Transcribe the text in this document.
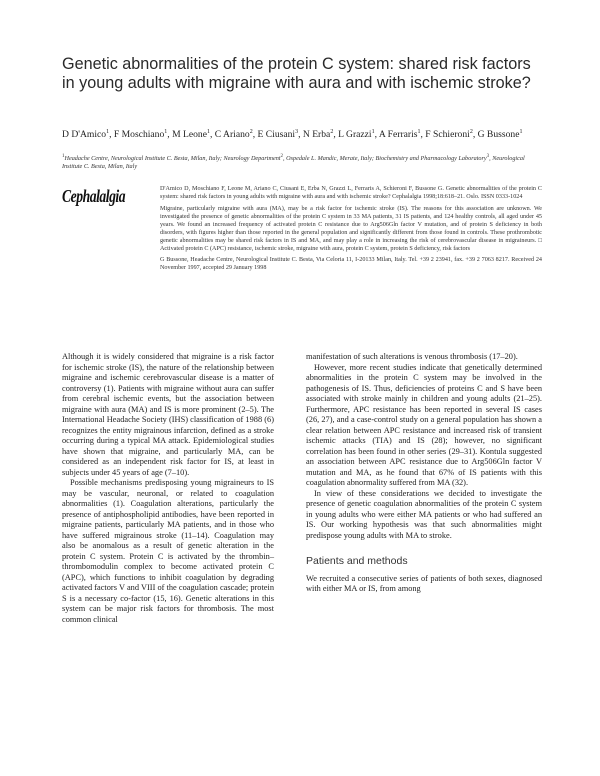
Genetic abnormalities of the protein C system: shared risk factors in young adults with migraine with aura and with ischemic stroke?
D D'Amico$^1$, F Moschiano$^1$, M Leone$^1$, C Ariano$^2$, E Ciusani$^3$, N Erba$^2$, L Grazzi$^1$, A Ferraris$^1$, F Schieroni$^2$, G Bussone$^1$
$^1$Headache Centre, Neurological Institute C. Besta, Milan, Italy; Neurology Department$^2$, Ospedale L. Mandic, Merate, Italy; Biochemistry and Pharmacology Laboratory$^3$, Neurological Institute C. Besta, Milan, Italy
Cephalalgia	D'Amico D, Moschiano F, Leone M, Ariano C, Ciusani E, Erba N, Grazzi L, Ferraris A, Schieroni F, Bussone G. Genetic abnormalities of the protein C system: shared risk factors in young adults with migraine with aura and with ischemic stroke? Cephalalgia 1998;18:618–21. Oslo. ISSN 0333-1024

Migraine, particularly migraine with aura (MA), may be a risk factor for ischemic stroke (IS). The reasons for this association are unknown. We investigated the presence of genetic abnormalities of the protein C system in 33 MA patients, 31 IS patients, and 124 healthy controls, all aged under 45 years. We found an increased frequency of activated protein C resistance due to Arg506Gln factor V mutation, and of protein S deficiency in both disorders, with figures higher than those reported in the general population and significantly different from those found in controls. These prothrombotic genetic abnormalities may be shared risk factors in IS and MA, and may play a role in increasing the risk of cerebrovascular disease in migraineurs. □ Activated protein C (APC) resistance, ischemic stroke, migraine with aura, protein C system, protein S deficiency, risk factors

G Bussone, Headache Centre, Neurological Institute C. Besta, Via Celoria 11, I-20133 Milan, Italy. Tel. +39 2 23941, fax. +39 2 7063 8217. Received 24 November 1997, accepted 29 January 1998

Although it is widely considered that migraine is a risk factor for ischemic stroke (IS), the nature of the relationship between migraine and ischemic cerebrovascular disease is a matter of controversy (1). Patients with migraine without aura can suffer from cerebral ischemic events, but the association between migraine with aura (MA) and IS is more prominent (2–5). The International Headache Society (IHS) classification of 1988 (6) recognizes the entity migrainous infarction, defined as a stroke occurring during a typical MA attack. Epidemiological studies have shown that migraine, and particularly MA, can be considered as an independent risk factor for IS, at least in subjects under 45 years of age (7–10).

Possible mechanisms predisposing young migraineurs to IS may be vascular, neuronal, or related to coagulation abnormalities (1). Coagulation alterations, particularly the presence of antiphospholipid antibodies, have been reported in migraine patients, particularly MA patients, and in those who have suffered migrainous stroke (11–14). Coagulation may also be anomalous as a result of genetic alteration in the protein C system. Protein C is activated by the thrombin–thrombomodulin complex to become activated protein C (APC), which functions to inhibit coagulation by degrading activated factors V and VIII of the coagulation cascade; protein S is a necessary co-factor (15, 16). Genetic alterations in this system can be major risk factors for thrombosis. The most common clinical

manifestation of such alterations is venous thrombosis (17–20).

However, more recent studies indicate that genetically determined abnormalities in the protein C system may be involved in the pathogenesis of IS. Thus, deficiencies of proteins C and S have been associated with stroke mainly in children and young adults (21–25). Furthermore, APC resistance has been reported in several IS cases (26, 27), and a case-control study on a general population has shown a clear relation between APC resistance and increased risk of transient ischemic attacks (TIA) and IS (28); however, no significant correlation has been found in other series (29–31). Kontula suggested an association between APC resistance due to Arg506Gln factor V mutation and MA, as he found that 67% of IS patients with this coagulation abnormality suffered from MA (32).

In view of these considerations we decided to investigate the presence of genetic coagulation abnormalities of the protein C system in young adults who were either MA patients or who had suffered an IS. Our working hypothesis was that such abnormalities might predispose young adults with MA to stroke.

Patients and methods

We recruited a consecutive series of patients of both sexes, diagnosed with either MA or IS, from among
